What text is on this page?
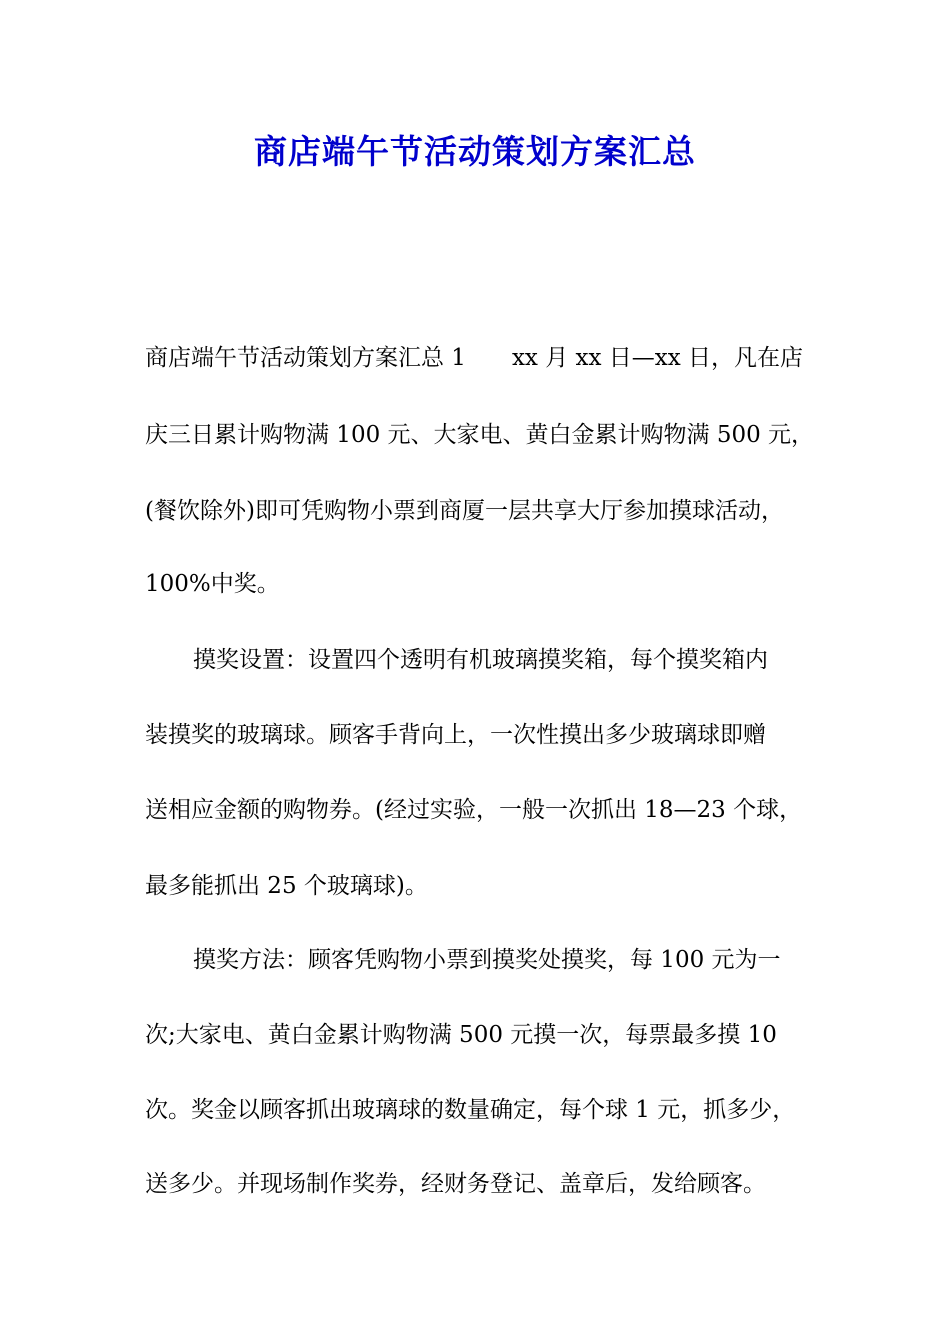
商店端午节活动策划方案汇总

商店端午节活动策划方案汇总 1　　xx 月 xx 日—xx 日，凡在店

庆三日累计购物满 100 元、大家电、黄白金累计购物满 500 元，

(餐饮除外)即可凭购物小票到商厦一层共享大厅参加摸球活动，

100%中奖。

摸奖设置：设置四个透明有机玻璃摸奖箱，每个摸奖箱内

装摸奖的玻璃球。顾客手背向上，一次性摸出多少玻璃球即赠

送相应金额的购物券。(经过实验，一般一次抓出 18—23 个球，

最多能抓出 25 个玻璃球)。

摸奖方法：顾客凭购物小票到摸奖处摸奖，每 100 元为一

次;大家电、黄白金累计购物满 500 元摸一次，每票最多摸 10

次。奖金以顾客抓出玻璃球的数量确定，每个球 1 元，抓多少，

送多少。并现场制作奖券，经财务登记、盖章后，发给顾客。
